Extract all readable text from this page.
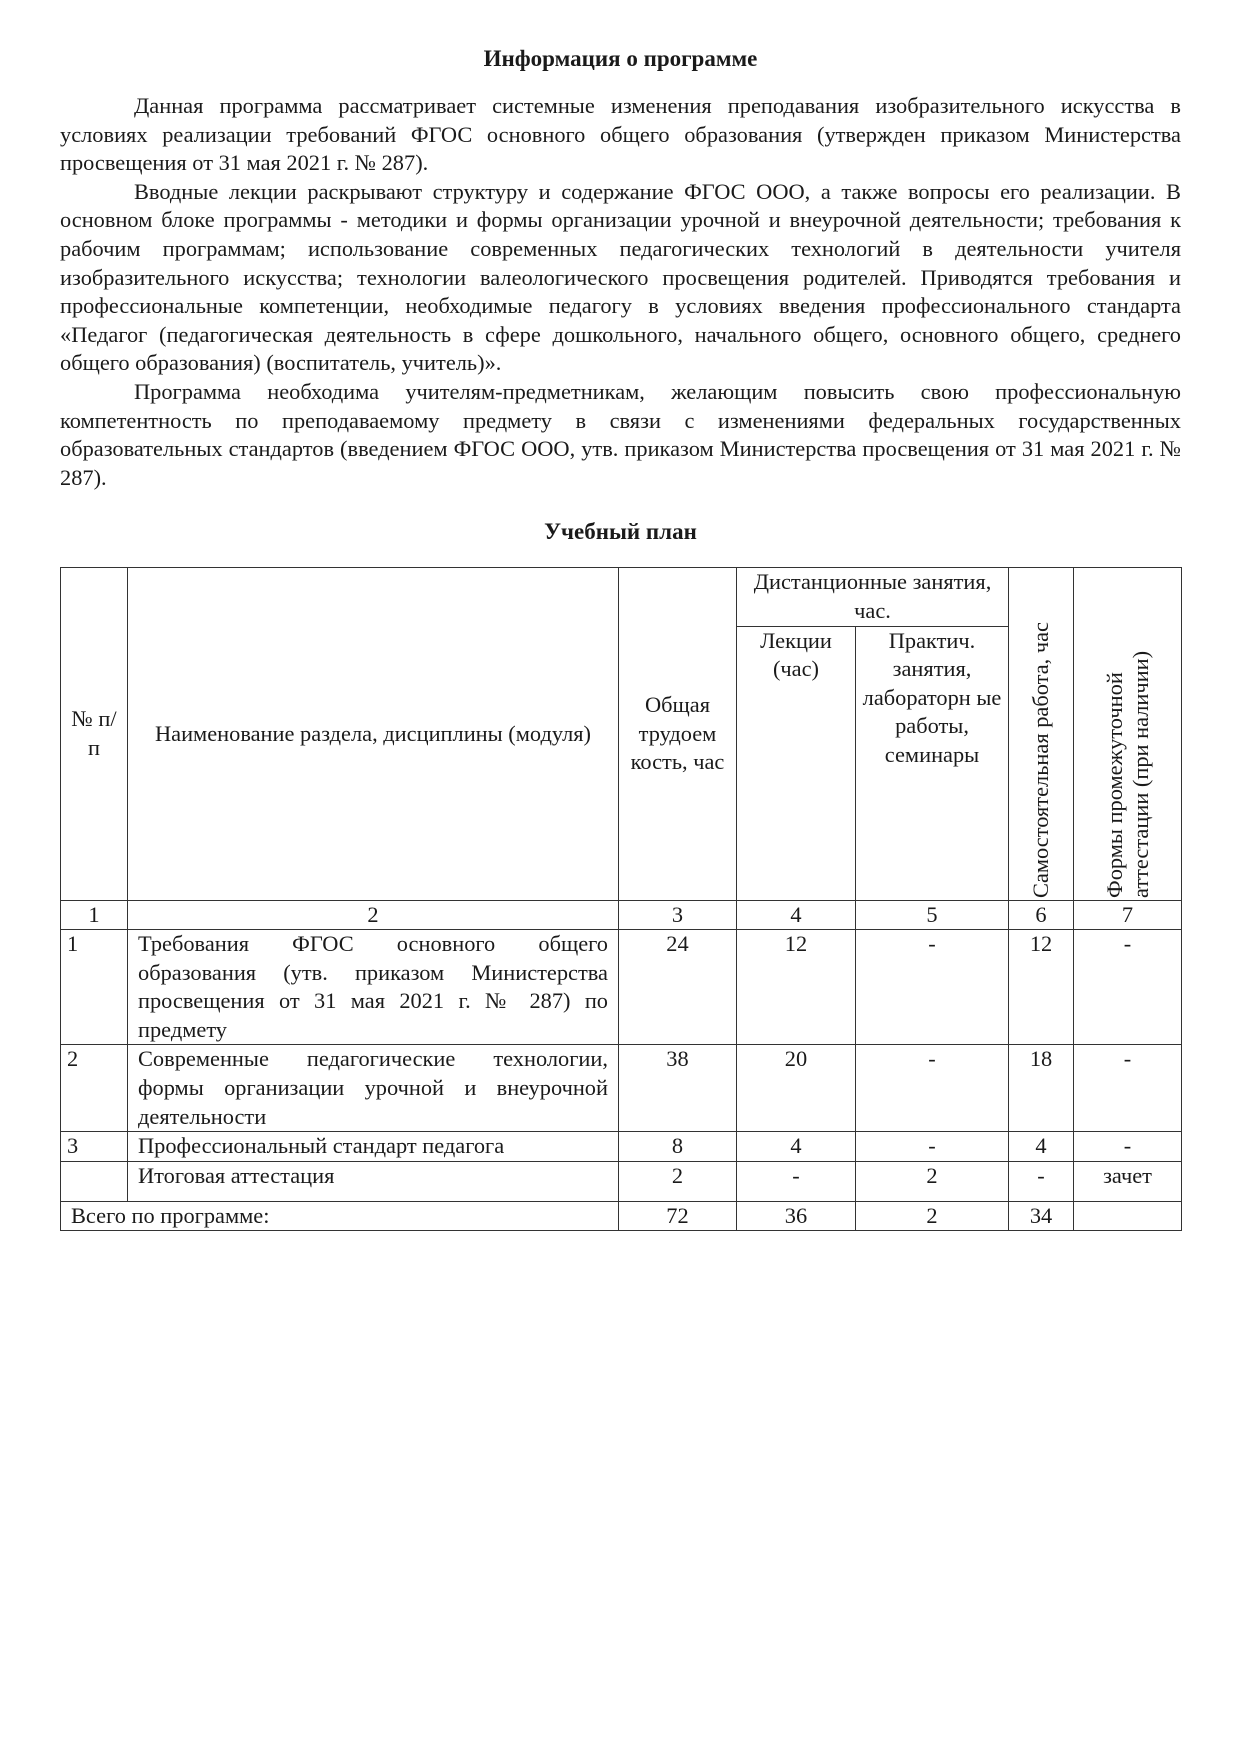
Информация о программе

Данная программа рассматривает системные изменения преподавания изобразительного искусства в условиях реализации требований ФГОС основного общего образования (утвержден приказом Министерства просвещения от 31 мая 2021 г. № 287).

Вводные лекции раскрывают структуру и содержание ФГОС ООО, а также вопросы его реализации. В основном блоке программы - методики и формы организации урочной и внеурочной деятельности; требования к рабочим программам; использование современных педагогических технологий в деятельности учителя изобразительного искусства; технологии валеологического просвещения родителей. Приводятся требования и профессиональные компетенции, необходимые педагогу в условиях введения профессионального стандарта «Педагог (педагогическая деятельность в сфере дошкольного, начального общего, основного общего, среднего общего образования) (воспитатель, учитель)».

Программа необходима учителям-предметникам, желающим повысить свою профессиональную компетентность по преподаваемому предмету в связи с изменениями федеральных государственных образовательных стандартов (введением ФГОС ООО, утв. приказом Министерства просвещения от 31 мая 2021 г. № 287).

Учебный план
№ п/п	Наименование раздела, дисциплины (модуля)	Общая трудоем кость, час	Дистанционные занятия, час.		Самостоятельная работа, час	Формы промежуточной аттестации (при наличии)

			Лекции (час)	Практич. занятия, лабораторн ые работы, семинары		
1	2	3	4	5	6	7
1	Требования ФГОС основного общего образования (утв. приказом Министерства просвещения от 31 мая 2021 г. № 287) по предмету	24	12	-	12	-
2	Современные педагогические технологии, формы организации урочной и внеурочной деятельности	38	20	-	18	-
3	Профессиональный стандарт педагога	8	4	-	4	-
	Итоговая аттестация	2	-	2	-	зачет
Всего по программе:		72	36	2	34	
